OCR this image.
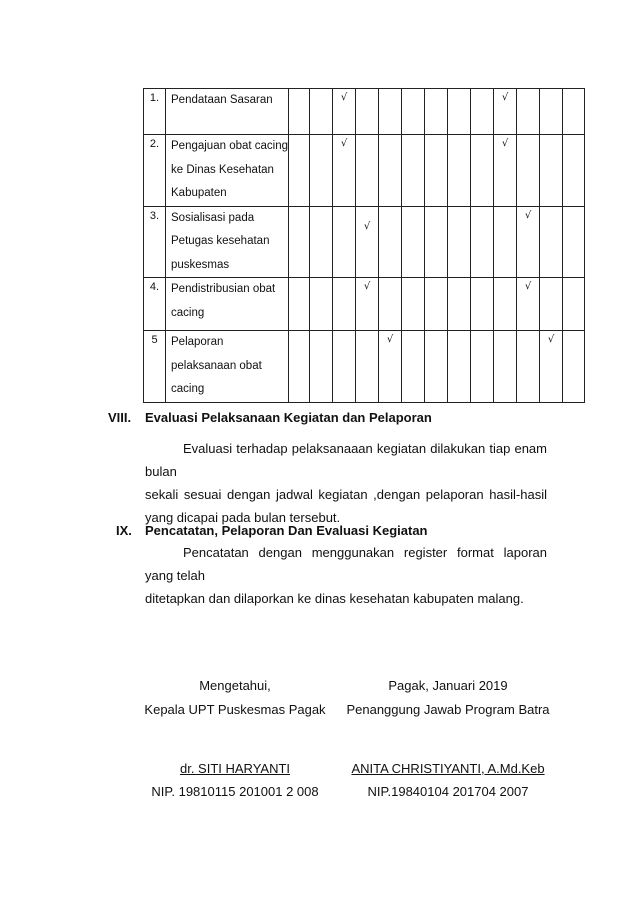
1.	Pendataan Sasaran			√							√			
2.	Pengajuan obat cacing
ke Dinas Kesehatan
Kabupaten			√							√			
3.	Sosialisasi pada
Petugas kesehatan
puskesmas				√							√		
4.	Pendistribusian obat
cacing				√							√		
5	Pelaporan
pelaksanaan obat
cacing					√							√	
VIII. Evaluasi Pelaksanaan Kegiatan dan Pelaporan
Evaluasi terhadap pelaksanaaan kegiatan dilakukan tiap enam bulan
sekali sesuai dengan jadwal kegiatan ,dengan pelaporan hasil-hasil yang dicapai pada bulan tersebut.
IX. Pencatatan, Pelaporan Dan Evaluasi Kegiatan
Pencatatan dengan menggunakan register format laporan yang telah
ditetapkan dan dilaporkan ke dinas kesehatan kabupaten malang.
Mengetahui,
Kepala UPT Puskesmas Pagak
dr. SITI HARYANTI
NIP. 19810115 201001 2 008
Pagak, Januari 2019
Penanggung Jawab Program Batra
ANITA CHRISTIYANTI, A.Md.Keb
NIP.19840104 201704 2007
